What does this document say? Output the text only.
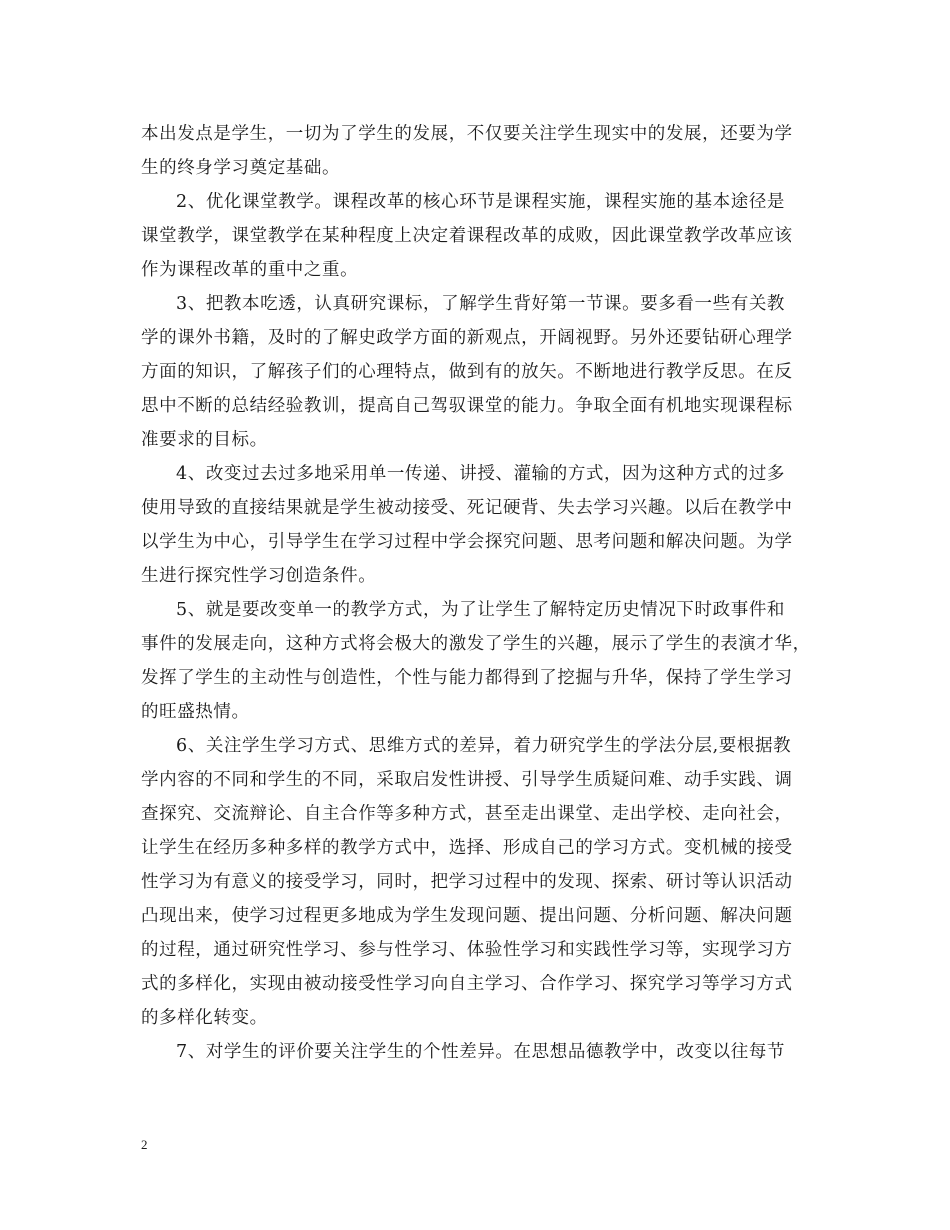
本出发点是学生，一切为了学生的发展，不仅要关注学生现实中的发展，还要为学
生的终身学习奠定基础。
2、优化课堂教学。课程改革的核心环节是课程实施，课程实施的基本途径是
课堂教学，课堂教学在某种程度上决定着课程改革的成败，因此课堂教学改革应该
作为课程改革的重中之重。
3、把教本吃透，认真研究课标，了解学生背好第一节课。要多看一些有关教
学的课外书籍，及时的了解史政学方面的新观点，开阔视野。另外还要钻研心理学
方面的知识，了解孩子们的心理特点，做到有的放矢。不断地进行教学反思。在反
思中不断的总结经验教训，提高自己驾驭课堂的能力。争取全面有机地实现课程标
准要求的目标。
4、改变过去过多地采用单一传递、讲授、灌输的方式，因为这种方式的过多
使用导致的直接结果就是学生被动接受、死记硬背、失去学习兴趣。以后在教学中
以学生为中心，引导学生在学习过程中学会探究问题、思考问题和解决问题。为学
生进行探究性学习创造条件。
5、就是要改变单一的教学方式，为了让学生了解特定历史情况下时政事件和
事件的发展走向，这种方式将会极大的激发了学生的兴趣，展示了学生的表演才华，
发挥了学生的主动性与创造性，个性与能力都得到了挖掘与升华，保持了学生学习
的旺盛热情。
6、关注学生学习方式、思维方式的差异，着力研究学生的学法分层,要根据教
学内容的不同和学生的不同，采取启发性讲授、引导学生质疑问难、动手实践、调
查探究、交流辩论、自主合作等多种方式，甚至走出课堂、走出学校、走向社会，
让学生在经历多种多样的教学方式中，选择、形成自己的学习方式。变机械的接受
性学习为有意义的接受学习，同时，把学习过程中的发现、探索、研讨等认识活动
凸现出来，使学习过程更多地成为学生发现问题、提出问题、分析问题、解决问题
的过程，通过研究性学习、参与性学习、体验性学习和实践性学习等，实现学习方
式的多样化，实现由被动接受性学习向自主学习、合作学习、探究学习等学习方式
的多样化转变。
7、对学生的评价要关注学生的个性差异。在思想品德教学中，改变以往每节
2
